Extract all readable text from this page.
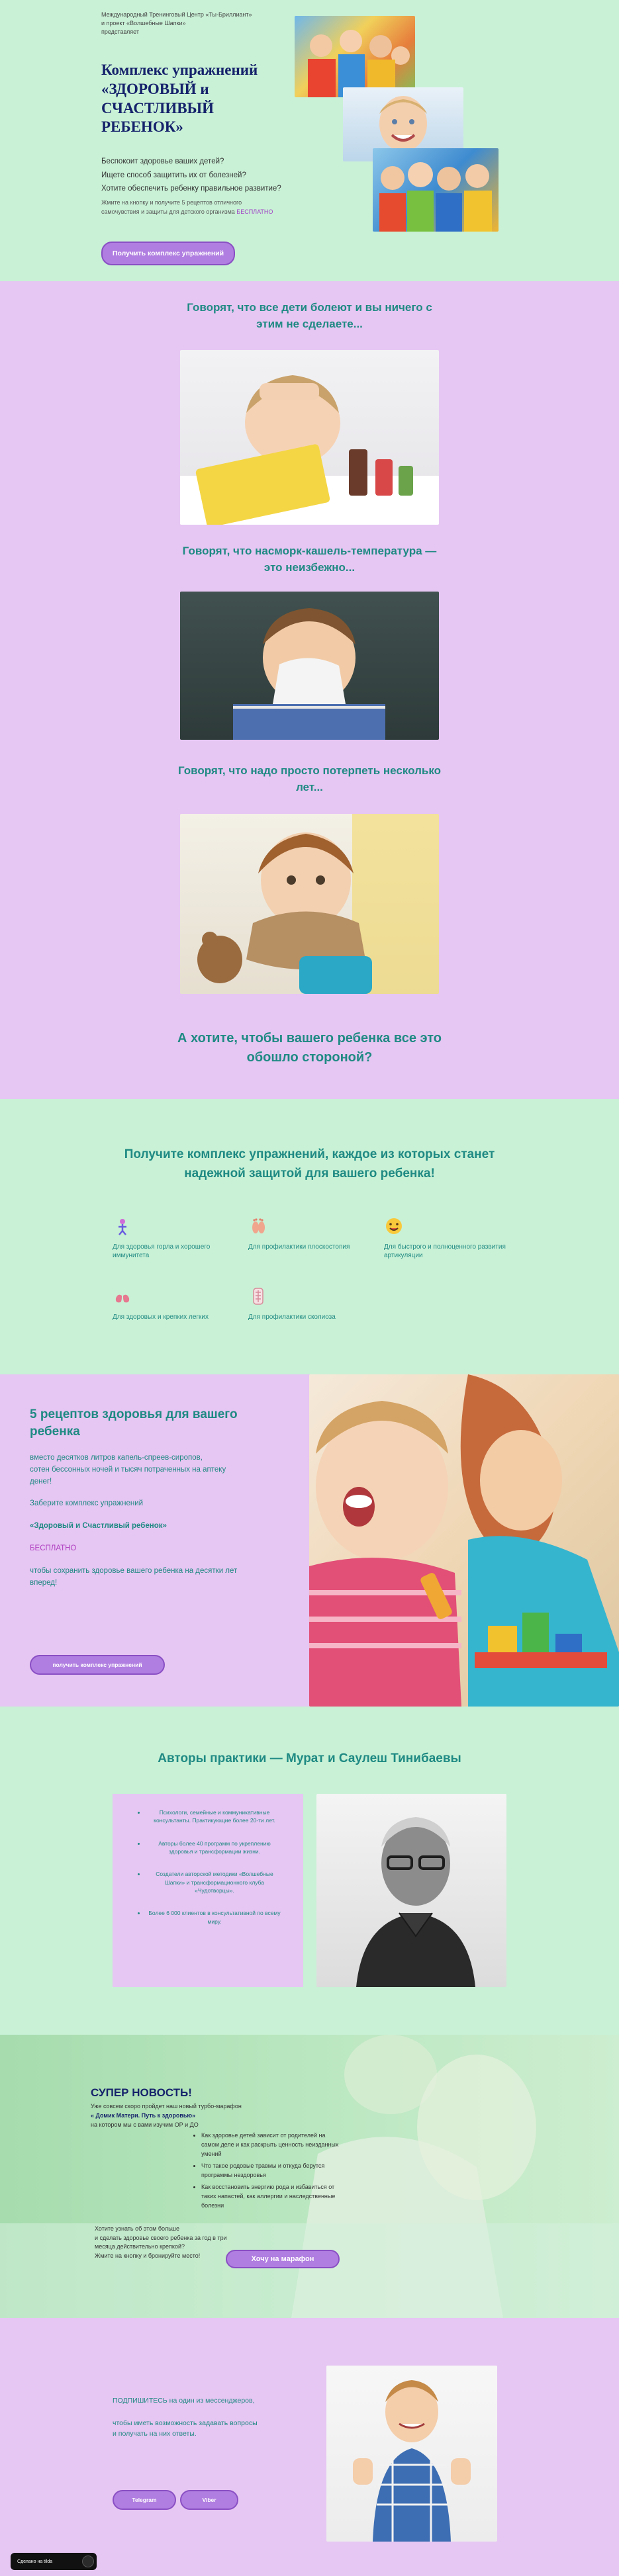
Международный Тренинговый Центр «Ты-Бриллиант»
и проект «Волшебные Шапки»
представляет
Комплекс упражнений
«ЗДОРОВЫЙ и
СЧАСТЛИВЫЙ
РЕБЕНОК»
Беспокоит здоровье ваших детей?
Ищете способ защитить их от болезней?
Хотите обеспечить ребенку правильное развитие?
Жмите на кнопку и получите 5 рецептов отличного
самочувствия и защиты для детского организма БЕСПЛАТНО
Получить комплекс упражнений
Говорят, что все дети болеют и вы ничего с
этим не сделаете...
Говорят, что насморк-кашель-температура —
это неизбежно...
Говорят, что надо просто потерпеть несколько
лет...
А хотите, чтобы вашего ребенка все это
обошло стороной?
Получите комплекс упражнений, каждое из которых станет
надежной защитой для вашего ребенка!
Для здоровья горла и хорошего иммунитета
Для профилактики плоскостопия	Для быстрого и полноценного развития артикуляции
Для здоровых и крепких легких	Для профилактики сколиоза
5 рецептов здоровья для вашего
ребенка
вместо десятков литров капель-спреев-сиропов,
сотен бессонных ночей и тысяч потраченных на аптеку
денег!
Заберите комплекс упражнений
«Здоровый и Счастливый ребенок»
БЕСПЛАТНО
чтобы сохранить здоровье вашего ребенка на десятки лет
вперед!
получить комплекс упражнений
Авторы практики — Мурат и Саулеш Тинибаевы
• Психологи, семейные и коммуникативные консультанты. Практикующие более 20-ти лет.
• Авторы более 40 программ по укреплению здоровья и трансформации жизни.
• Создатели авторской методики «Волшебные Шапки» и трансформационного клуба «Чудотворцы».
• Более 6 000 клиентов в консультативной по всему миру.
СУПЕР НОВОСТЬ!
Уже совсем скоро пройдет наш новый турбо-марафон
« Домик Матери. Путь к здоровью»
на котором мы с вами изучим ОР и ДО
• Как здоровье детей зависит от родителей на самом деле и как раскрыть ценность неизданных умений
• Что такое родовые травмы и откуда берутся программы нездоровья
• Как восстановить энергию рода и избавиться от таких напастей, как аллергии и наследственные болезни
Хотите узнать об этом больше
и сделать здоровье своего ребенка за год в три
месяца действительно крепкой?
Жмите на кнопку и бронируйте место!	Хочу на марафон
ПОДПИШИТЕСЬ на один из мессенджеров,
чтобы иметь возможность задавать вопросы
и получать на них ответы.
Telegram	Viber
Сделано на tilda
